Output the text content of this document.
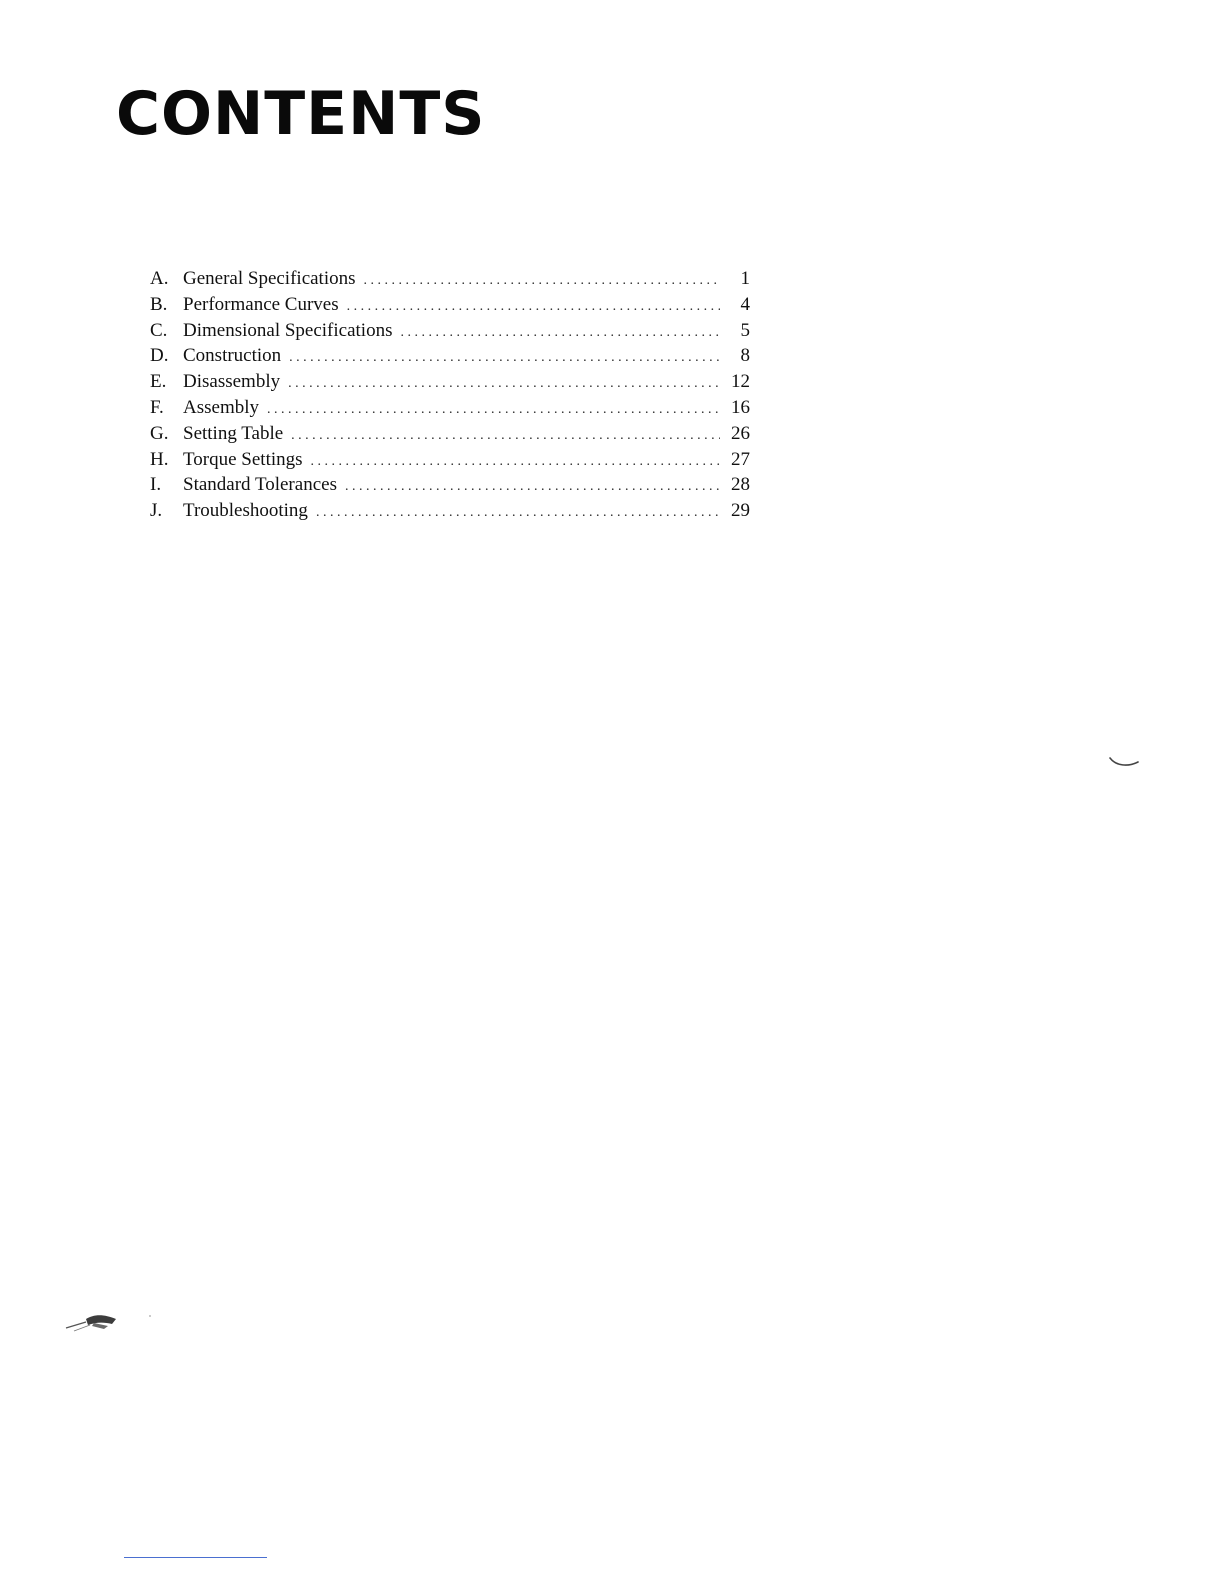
CONTENTS
A. General Specifications . . .	1
B. Performance Curves . . .	4
C. Dimensional Specifications . . .	5
D. Construction . . .	8
E. Disassembly . . .	12
F.	Assembly . . .	16
G. Setting Table . . .	26
H. Torque Settings . . .	27
I.	Standard Tolerances . . .	28
J.	Troubleshooting . . .	29
